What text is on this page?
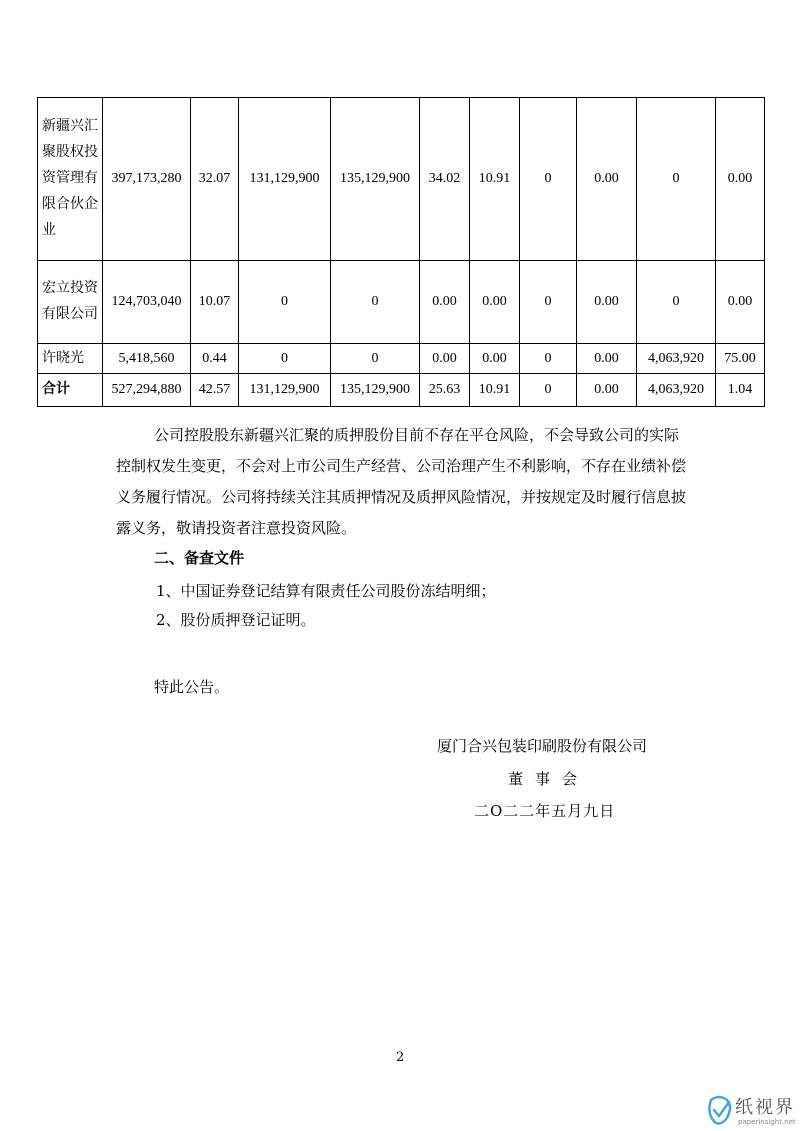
新疆兴汇聚股权投资管理有限合伙企业	397,173,280	32.07	131,129,900	135,129,900	34.02	10.91	0	0.00	0	0.00
宏立投资有限公司	124,703,040	10.07	0	0	0.00	0.00	0	0.00	0	0.00
许晓光	5,418,560	0.44	0	0	0.00	0.00	0	0.00	4,063,920	75.00
合计	527,294,880	42.57	131,129,900	135,129,900	25.63	10.91	0	0.00	4,063,920	1.04
公司控股股东新疆兴汇聚的质押股份目前不存在平仓风险，不会导致公司的实际控制权发生变更，不会对上市公司生产经营、公司治理产生不利影响，不存在业绩补偿义务履行情况。公司将持续关注其质押情况及质押风险情况，并按规定及时履行信息披露义务，敬请投资者注意投资风险。
二、备查文件
1、中国证券登记结算有限责任公司股份冻结明细；
2、股份质押登记证明。
特此公告。
厦门合兴包装印刷股份有限公司
董事会
二O二二年五月九日
2
纸视界
paperinsight.net
